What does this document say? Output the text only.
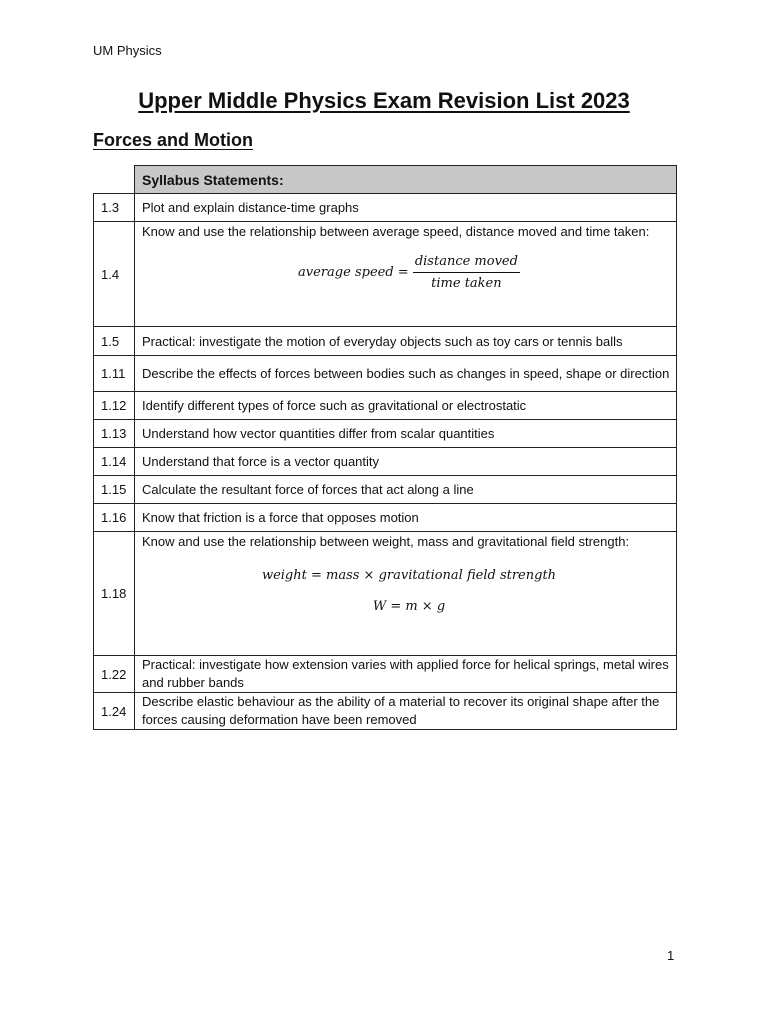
UM Physics
Upper Middle Physics Exam Revision List 2023
Forces and Motion
	Syllabus Statements:
1.3	Plot and explain distance-time graphs
1.4	Know and use the relationship between average speed, distance moved and time taken:
average speed = $\frac{\text{distance moved}}{\text{time taken}}$

1.5	Practical: investigate the motion of everyday objects such as toy cars or tennis balls
1.11	Describe the effects of forces between bodies such as changes in speed, shape or direction
1.12	Identify different types of force such as gravitational or electrostatic
1.13	Understand how vector quantities differ from scalar quantities
1.14	Understand that force is a vector quantity
1.15	Calculate the resultant force of forces that act along a line
1.16	Know that friction is a force that opposes motion
1.18	Know and use the relationship between weight, mass and gravitational field strength:
weight = mass × gravitational field strength
W = m × g

1.22	Practical: investigate how extension varies with applied force for helical springs, metal wires and rubber bands
1.24	Describe elastic behaviour as the ability of a material to recover its original shape after the forces causing deformation have been removed
1
